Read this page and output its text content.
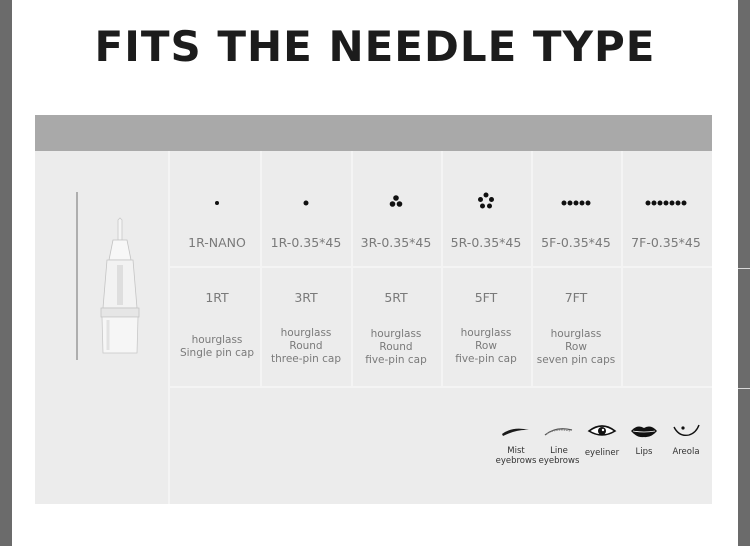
FITS THE NEEDLE TYPE
1R-NANO	1R-0.35*45	3R-0.35*45	5R-0.35*45	5F-0.35*45	7F-0.35*45
1RT	3RT	5RT	5FT	7FT
hourglass
Single pin cap
hourglass
Round
three-pin cap
hourglass
Round
five-pin cap
hourglass
Row
five-pin cap
hourglass
Row
seven pin caps
Mist
eyebrows
Line
eyebrows
eyeliner	Lips	Areola
